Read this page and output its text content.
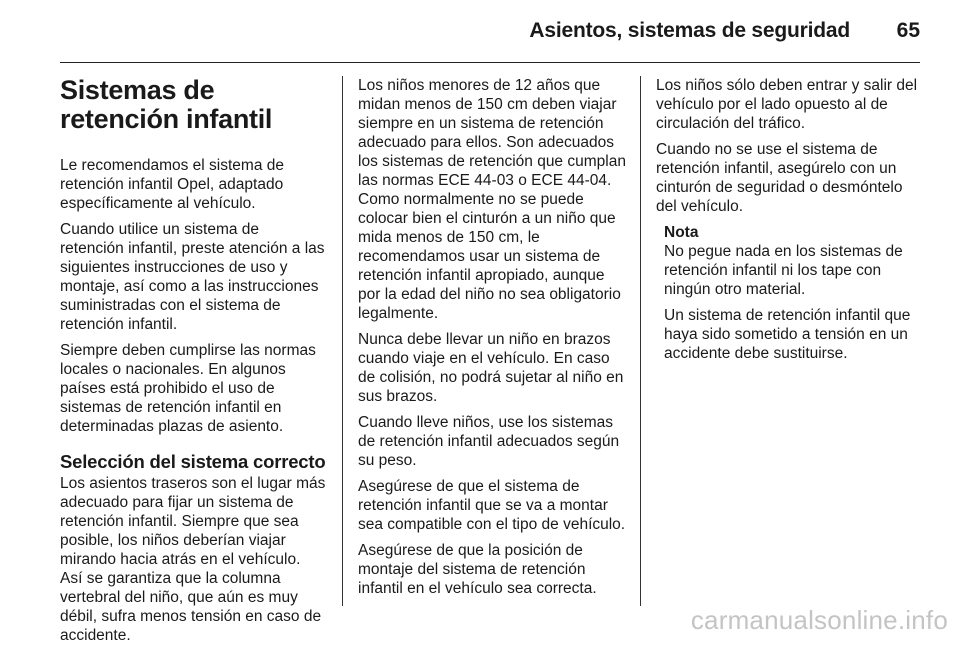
Asientos, sistemas de seguridad 65
Sistemas de retención infantil

Le recomendamos el sistema de retención infantil Opel, adaptado específicamente al vehículo.

Cuando utilice un sistema de retención infantil, preste atención a las siguientes instrucciones de uso y montaje, así como a las instrucciones suministradas con el sistema de retención infantil.

Siempre deben cumplirse las normas locales o nacionales. En algunos países está prohibido el uso de sistemas de retención infantil en determinadas plazas de asiento.

Selección del sistema correcto

Los asientos traseros son el lugar más adecuado para fijar un sistema de retención infantil. Siempre que sea posible, los niños deberían viajar mirando hacia atrás en el vehículo. Así se garantiza que la columna vertebral del niño, que aún es muy débil, sufra menos tensión en caso de accidente.

Los niños menores de 12 años que midan menos de 150 cm deben viajar siempre en un sistema de retención adecuado para ellos. Son adecuados los sistemas de retención que cumplan las normas ECE 44-03 o ECE 44-04. Como normalmente no se puede colocar bien el cinturón a un niño que mida menos de 150 cm, le recomendamos usar un sistema de retención infantil apropiado, aunque por la edad del niño no sea obligatorio legalmente.

Nunca debe llevar un niño en brazos cuando viaje en el vehículo. En caso de colisión, no podrá sujetar al niño en sus brazos.

Cuando lleve niños, use los sistemas de retención infantil adecuados según su peso.

Asegúrese de que el sistema de retención infantil que se va a montar sea compatible con el tipo de vehículo.

Asegúrese de que la posición de montaje del sistema de retención infantil en el vehículo sea correcta.

Los niños sólo deben entrar y salir del vehículo por el lado opuesto al de circulación del tráfico.

Cuando no se use el sistema de retención infantil, asegúrelo con un cinturón de seguridad o desmóntelo del vehículo.

Nota

No pegue nada en los sistemas de retención infantil ni los tape con ningún otro material.

Un sistema de retención infantil que haya sido sometido a tensión en un accidente debe sustituirse.

carmanualsonline.info
